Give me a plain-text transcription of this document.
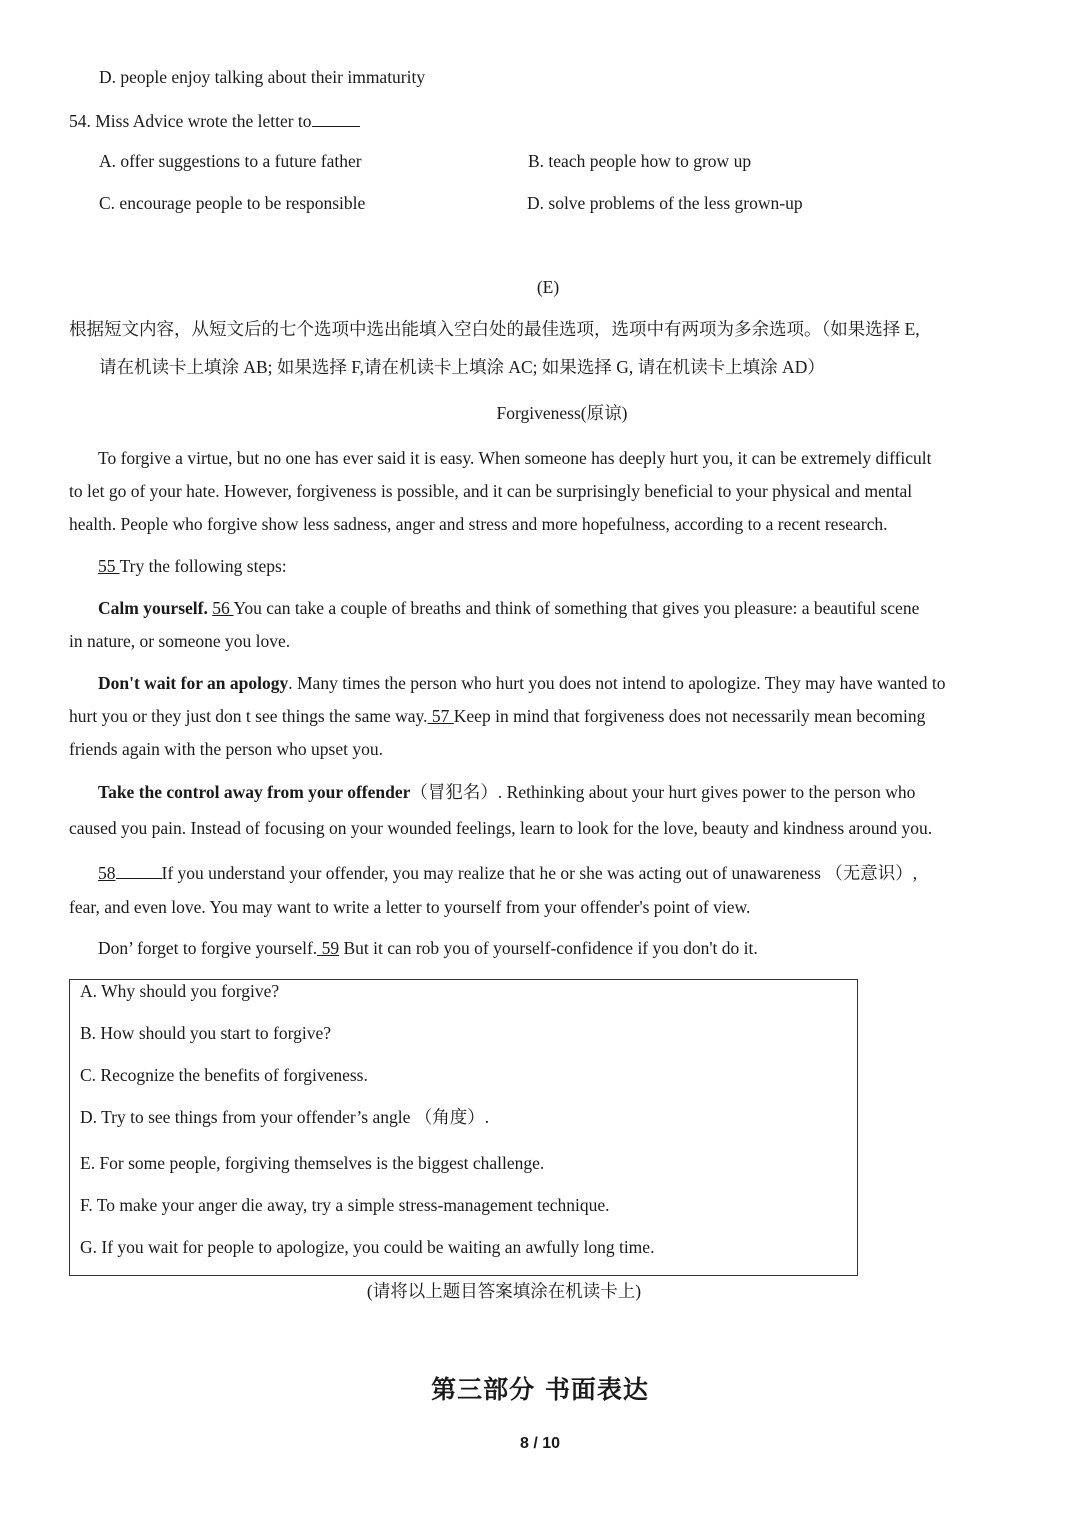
D. people enjoy talking about their immaturity
54. Miss Advice wrote the letter to
A. offer suggestions to a future father	B. teach people how to grow up
C. encourage people to be responsible	D. solve problems of the less grown-up
(E)
根据短文内容，从短文后的七个选项中选出能填入空白处的最佳选项，选项中有两项为多余选项。（如果选择 E,
请在机读卡上填涂 AB; 如果选择 F,请在机读卡上填涂 AC; 如果选择 G, 请在机读卡上填涂 AD）
Forgiveness(原谅)
To forgive a virtue, but no one has ever said it is easy. When someone has deeply hurt you, it can be extremely difficult
to let go of your hate. However, forgiveness is possible, and it can be surprisingly beneficial to your physical and mental
health. People who forgive show less sadness, anger and stress and more hopefulness, according to a recent research.
55 Try the following steps:
Calm yourself. 56 You can take a couple of breaths and think of something that gives you pleasure: a beautiful scene
in nature, or someone you love.
Don't wait for an apology. Many times the person who hurt you does not intend to apologize. They may have wanted to
hurt you or they just don t see things the same way. 57 Keep in mind that forgiveness does not necessarily mean becoming
friends again with the person who upset you.
Take the control away from your offender（冒犯名）. Rethinking about your hurt gives power to the person who
caused you pain. Instead of focusing on your wounded feelings, learn to look for the love, beauty and kindness around you.
58	If you understand your offender, you may realize that he or she was acting out of unawareness （无意识）,
fear, and even love. You may want to write a letter to yourself from your offender's point of view.
Don’ forget to forgive yourself. 59 But it can rob you of yourself-confidence if you don't do it.
A. Why should you forgive?
B. How should you start to forgive?
C. Recognize the benefits of forgiveness.
D. Try to see things from your offender’s angle （角度）.
E. For some people, forgiving themselves is the biggest challenge.
F. To make your anger die away, try a simple stress-management technique.
G. If you wait for people to apologize, you could be waiting an awfully long time.
(请将以上题目答案填涂在机读卡上)
第三部分 书面表达
8 / 10
